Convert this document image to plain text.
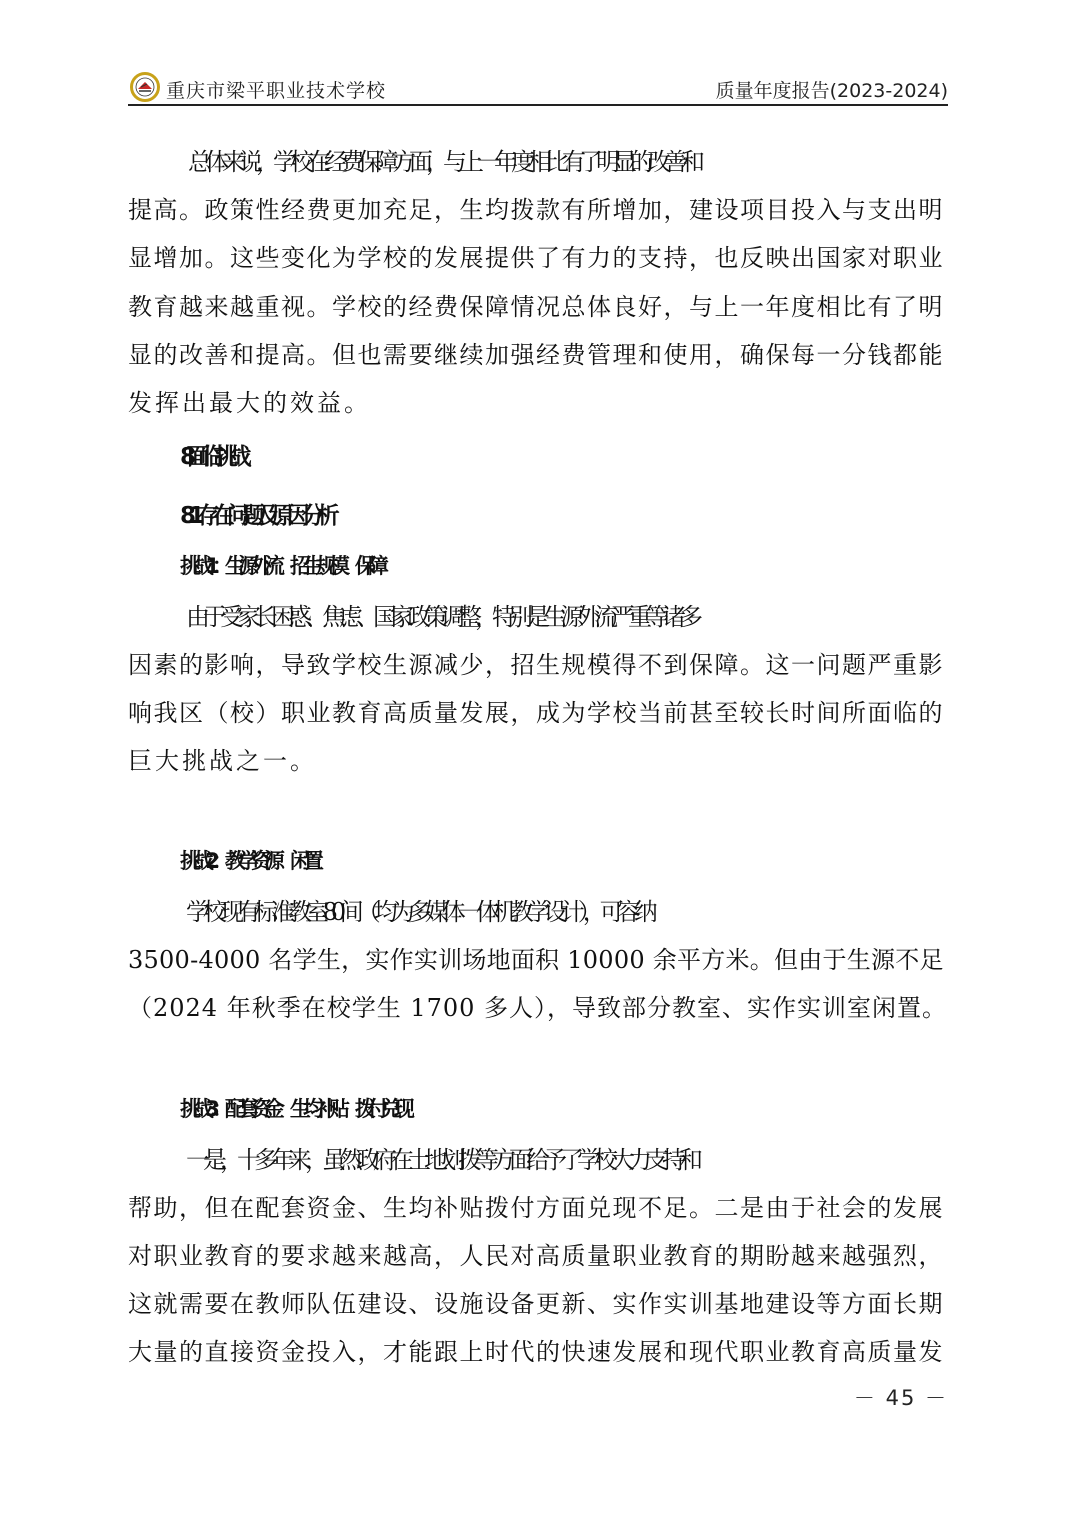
重庆市梁平职业技术学校	质量年度报告(2023-2024)
总体来说，学校在经费保障方面，与上一年度相比有了明显的改善和
提高。政策性经费更加充足，生均拨款有所增加，建设项目投入与支出明
显增加。这些变化为学校的发展提供了有力的支持，也反映出国家对职业
教育越来越重视。学校的经费保障情况总体良好，与上一年度相比有了明
显的改善和提高。但也需要继续加强经费管理和使用，确保每一分钱都能
发挥出最大的效益。
8.面临挑战
8.1 存在问题及原因分析
挑战 1：生源外流　招生规模　保障
由于受家长困惑、焦虑、国家政策调整，特别是生源外流严重等诸多
因素的影响，导致学校生源减少，招生规模得不到保障。这一问题严重影
响我区（校）职业教育高质量发展，成为学校当前甚至较长时间所面临的
巨大挑战之一。
挑战 2：教学资源　闲置
学校现有标准教室 80 间（均为多媒体一体机教学设计），可容纳
3500-4000 名学生，实作实训场地面积 10000 余平方米。但由于生源不足
（2024 年秋季在校学生 1700 多人），导致部分教室、实作实训室闲置。
挑战 3：配套资金　生均补贴　拨付兑现
一是，十多年来，虽然政府在土地划拨等方面给予了学校大力支持和
帮助，但在配套资金、生均补贴拨付方面兑现不足。二是由于社会的发展
对职业教育的要求越来越高，人民对高质量职业教育的期盼越来越强烈，
这就需要在教师队伍建设、设施设备更新、实作实训基地建设等方面长期
大量的直接资金投入，才能跟上时代的快速发展和现代职业教育高质量发
－ 45 －
